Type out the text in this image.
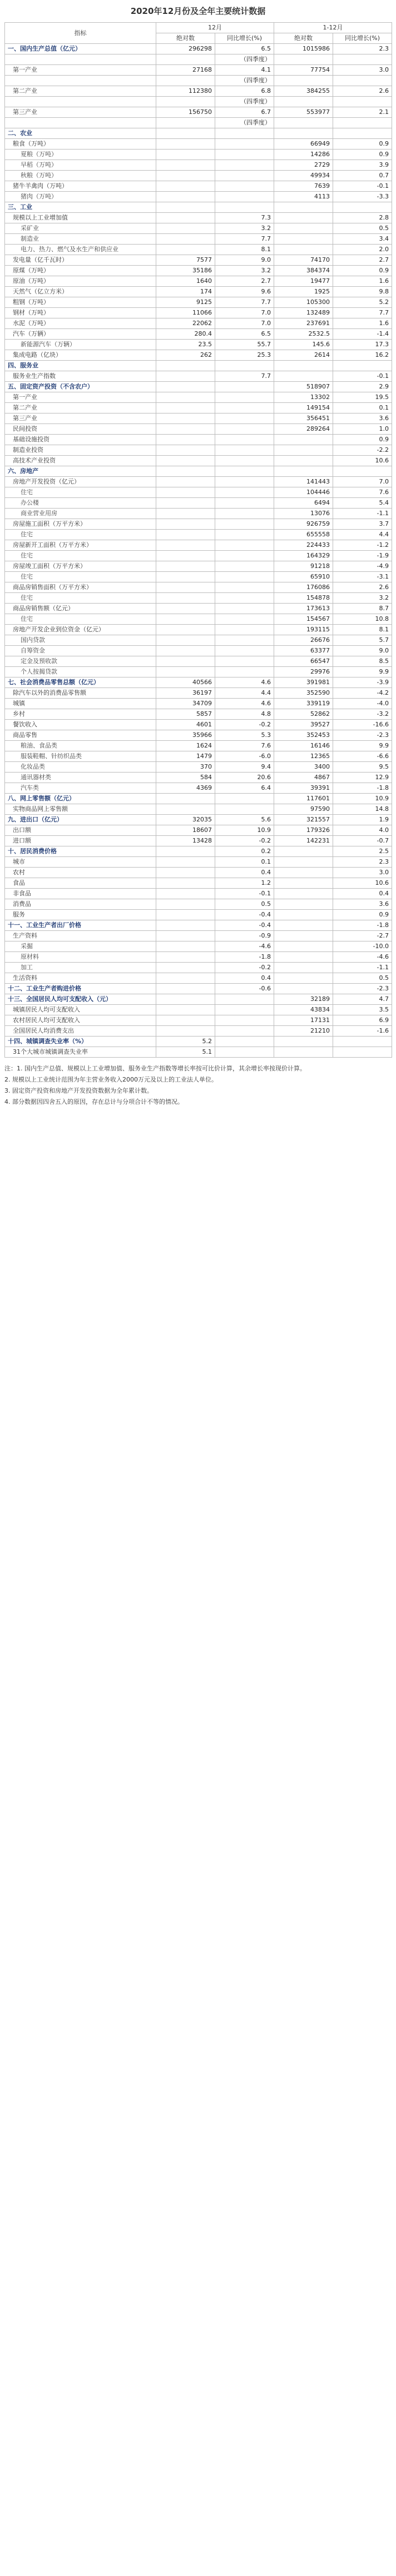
2020年12月份及全年主要统计数据
指标	12月		1-12月	
	绝对数	同比增长(%)	绝对数	同比增长(%)
一、国内生产总值（亿元）	296298	6.5	1015986	2.3
		（四季度）		
第一产业	27168	4.1	77754	3.0
		（四季度）		
第二产业	112380	6.8	384255	2.6
		（四季度）		
第三产业	156750	6.7	553977	2.1
		（四季度）		
二、农业				
粮食（万吨）			66949	0.9
夏粮（万吨）			14286	0.9
早稻（万吨）			2729	3.9
秋粮（万吨）			49934	0.7
猪牛羊禽肉（万吨）			7639	-0.1
猪肉（万吨）			4113	-3.3
三、工业				
规模以上工业增加值		7.3		2.8
采矿业		3.2		0.5
制造业		7.7		3.4
电力、热力、燃气及水生产和供应业		8.1		2.0
发电量（亿千瓦时）	7577	9.0	74170	2.7
原煤（万吨）	35186	3.2	384374	0.9
原油（万吨）	1640	2.7	19477	1.6
天然气（亿立方米）	174	9.6	1925	9.8
粗钢（万吨）	9125	7.7	105300	5.2
钢材（万吨）	11066	7.0	132489	7.7
水泥（万吨）	22062	7.0	237691	1.6
汽车（万辆）	280.4	6.5	2532.5	-1.4
新能源汽车（万辆）	23.5	55.7	145.6	17.3
集成电路（亿块）	262	25.3	2614	16.2
四、服务业				
服务业生产指数		7.7		-0.1
五、固定资产投资（不含农户）			518907	2.9
第一产业			13302	19.5
第二产业			149154	0.1
第三产业			356451	3.6
民间投资			289264	1.0
基础设施投资				0.9
制造业投资				-2.2
高技术产业投资				10.6
六、房地产				
房地产开发投资（亿元）			141443	7.0
住宅			104446	7.6
办公楼			6494	5.4
商业营业用房			13076	-1.1
房屋施工面积（万平方米）			926759	3.7
住宅			655558	4.4
房屋新开工面积（万平方米）			224433	-1.2
住宅			164329	-1.9
房屋竣工面积（万平方米）			91218	-4.9
住宅			65910	-3.1
商品房销售面积（万平方米）			176086	2.6
住宅			154878	3.2
商品房销售额（亿元）			173613	8.7
住宅			154567	10.8
房地产开发企业到位资金（亿元）			193115	8.1
国内贷款			26676	5.7
自筹资金			63377	9.0
定金及预收款			66547	8.5
个人按揭贷款			29976	9.9
七、社会消费品零售总额（亿元）	40566	4.6	391981	-3.9
除汽车以外的消费品零售额	36197	4.4	352590	-4.2
城镇	34709	4.6	339119	-4.0
乡村	5857	4.8	52862	-3.2
餐饮收入	4601	-0.2	39527	-16.6
商品零售	35966	5.3	352453	-2.3
粮油、食品类	1624	7.6	16146	9.9
服装鞋帽、针纺织品类	1479	-6.0	12365	-6.6
化妆品类	370	9.4	3400	9.5
通讯器材类	584	20.6	4867	12.9
汽车类	4369	6.4	39391	-1.8
八、网上零售额（亿元）			117601	10.9
实物商品网上零售额			97590	14.8
九、进出口（亿元）	32035	5.6	321557	1.9
出口额	18607	10.9	179326	4.0
进口额	13428	-0.2	142231	-0.7
十、居民消费价格		0.2		2.5
城市		0.1		2.3
农村		0.4		3.0
食品		1.2		10.6
非食品		-0.1		0.4
消费品		0.5		3.6
服务		-0.4		0.9
十一、工业生产者出厂价格		-0.4		-1.8
生产资料		-0.9		-2.7
采掘		-4.6		-10.0
原材料		-1.8		-4.6
加工		-0.2		-1.1
生活资料		0.4		0.5
十二、工业生产者购进价格		-0.6		-2.3
十三、全国居民人均可支配收入（元）			32189	4.7
城镇居民人均可支配收入			43834	3.5
农村居民人均可支配收入			17131	6.9
全国居民人均消费支出			21210	-1.6
十四、城镇调查失业率（%）	5.2			
31个大城市城镇调查失业率	5.1			
注：1. 国内生产总值、规模以上工业增加值、服务业生产指数等增长率按可比价计算，其余增长率按现价计算。
2. 规模以上工业统计范围为年主营业务收入2000万元及以上的工业法人单位。
3. 固定资产投资和房地产开发投资数据为全年累计数。
4. 部分数据因四舍五入的原因，存在总计与分项合计不等的情况。
